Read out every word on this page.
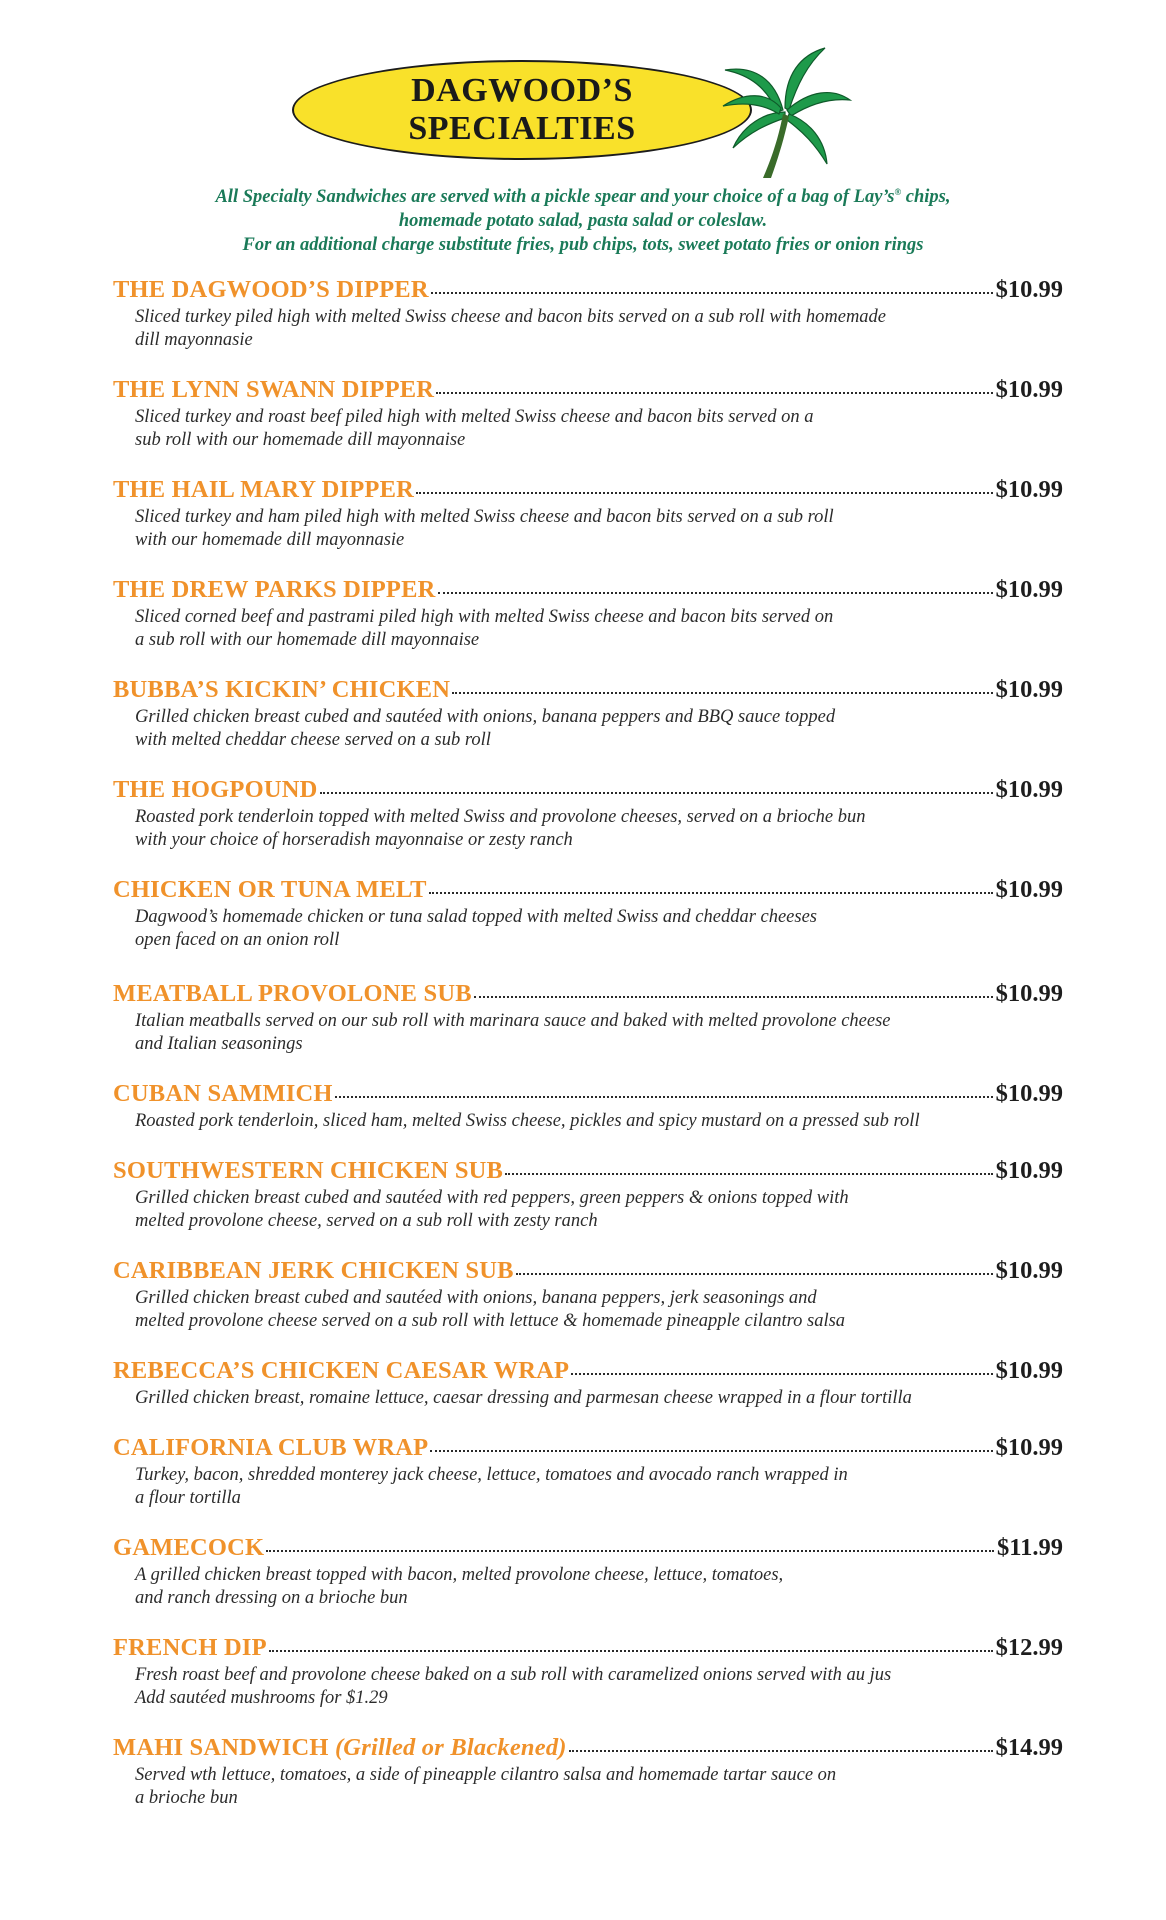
DAGWOOD’S
SPECIALTIES
All Specialty Sandwiches are served with a pickle spear and your choice of a bag of Lay’s® chips,
homemade potato salad, pasta salad or coleslaw.
For an additional charge substitute fries, pub chips, tots, sweet potato fries or onion rings
THE DAGWOOD’S DIPPER	$10.99
Sliced turkey piled high with melted Swiss cheese and bacon bits served on a sub roll with homemade
dill mayonnasie
THE LYNN SWANN DIPPER	$10.99
Sliced turkey and roast beef piled high with melted Swiss cheese and bacon bits served on a
sub roll with our homemade dill mayonnaise
THE HAIL MARY DIPPER	$10.99
Sliced turkey and ham piled high with melted Swiss cheese and bacon bits served on a sub roll
with our homemade dill mayonnasie
THE DREW PARKS DIPPER	$10.99
Sliced corned beef and pastrami piled high with melted Swiss cheese and bacon bits served on
a sub roll with our homemade dill mayonnaise
BUBBA’S KICKIN’ CHICKEN	$10.99
Grilled chicken breast cubed and sautéed with onions, banana peppers and BBQ sauce topped
with melted cheddar cheese served on a sub roll
THE HOGPOUND	$10.99
Roasted pork tenderloin topped with melted Swiss and provolone cheeses, served on a brioche bun
with your choice of horseradish mayonnaise or zesty ranch
CHICKEN OR TUNA MELT	$10.99
Dagwood’s homemade chicken or tuna salad topped with melted Swiss and cheddar cheeses
open faced on an onion roll
MEATBALL PROVOLONE SUB	$10.99
Italian meatballs served on our sub roll with marinara sauce and baked with melted provolone cheese
and Italian seasonings
CUBAN SAMMICH	$10.99
Roasted pork tenderloin, sliced ham, melted Swiss cheese, pickles and spicy mustard on a pressed sub roll
SOUTHWESTERN CHICKEN SUB	$10.99
Grilled chicken breast cubed and sautéed with red peppers, green peppers & onions topped with
melted provolone cheese, served on a sub roll with zesty ranch
CARIBBEAN JERK CHICKEN SUB	$10.99
Grilled chicken breast cubed and sautéed with onions, banana peppers, jerk seasonings and
melted provolone cheese served on a sub roll with lettuce & homemade pineapple cilantro salsa
REBECCA’S CHICKEN CAESAR WRAP	$10.99
Grilled chicken breast, romaine lettuce, caesar dressing and parmesan cheese wrapped in a flour tortilla
CALIFORNIA CLUB WRAP	$10.99
Turkey, bacon, shredded monterey jack cheese, lettuce, tomatoes and avocado ranch wrapped in
a flour tortilla
GAMECOCK	$11.99
A grilled chicken breast topped with bacon, melted provolone cheese, lettuce, tomatoes,
and ranch dressing on a brioche bun
FRENCH DIP	$12.99
Fresh roast beef and provolone cheese baked on a sub roll with caramelized onions served with au jus
Add sautéed mushrooms for $1.29
MAHI SANDWICH (Grilled or Blackened)	$14.99
Served wth lettuce, tomatoes, a side of pineapple cilantro salsa and homemade tartar sauce on
a brioche bun
